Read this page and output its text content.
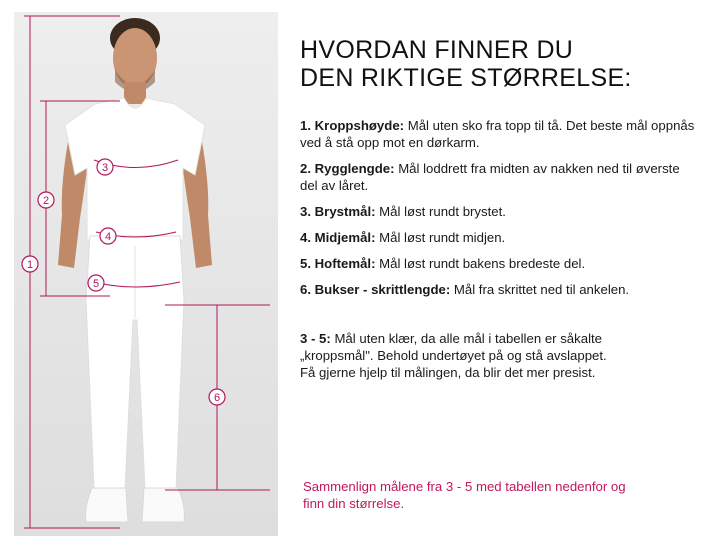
1
2
3
4
5
6
HVORDAN FINNER DU
DEN RIKTIGE STØRRELSE:
1. Kroppshøyde: Mål uten sko fra topp til tå. Det beste mål oppnås ved å stå opp mot en dørkarm.
2. Rygglengde: Mål loddrett fra midten av nakken ned til øverste del av låret.
3. Brystmål: Mål løst rundt brystet.
4. Midjemål: Mål løst rundt midjen.
5. Hoftemål: Mål løst rundt bakens bredeste del.
6. Bukser - skrittlengde: Mål fra skrittet ned til ankelen.

3 - 5: Mål uten klær, da alle mål i tabellen er såkalte
„kroppsmål". Behold undertøyet på og stå avslappet.
Få gjerne hjelp til målingen, da blir det mer presist.

Sammenlign målene fra 3 - 5 med tabellen nedenfor og
finn din størrelse.
